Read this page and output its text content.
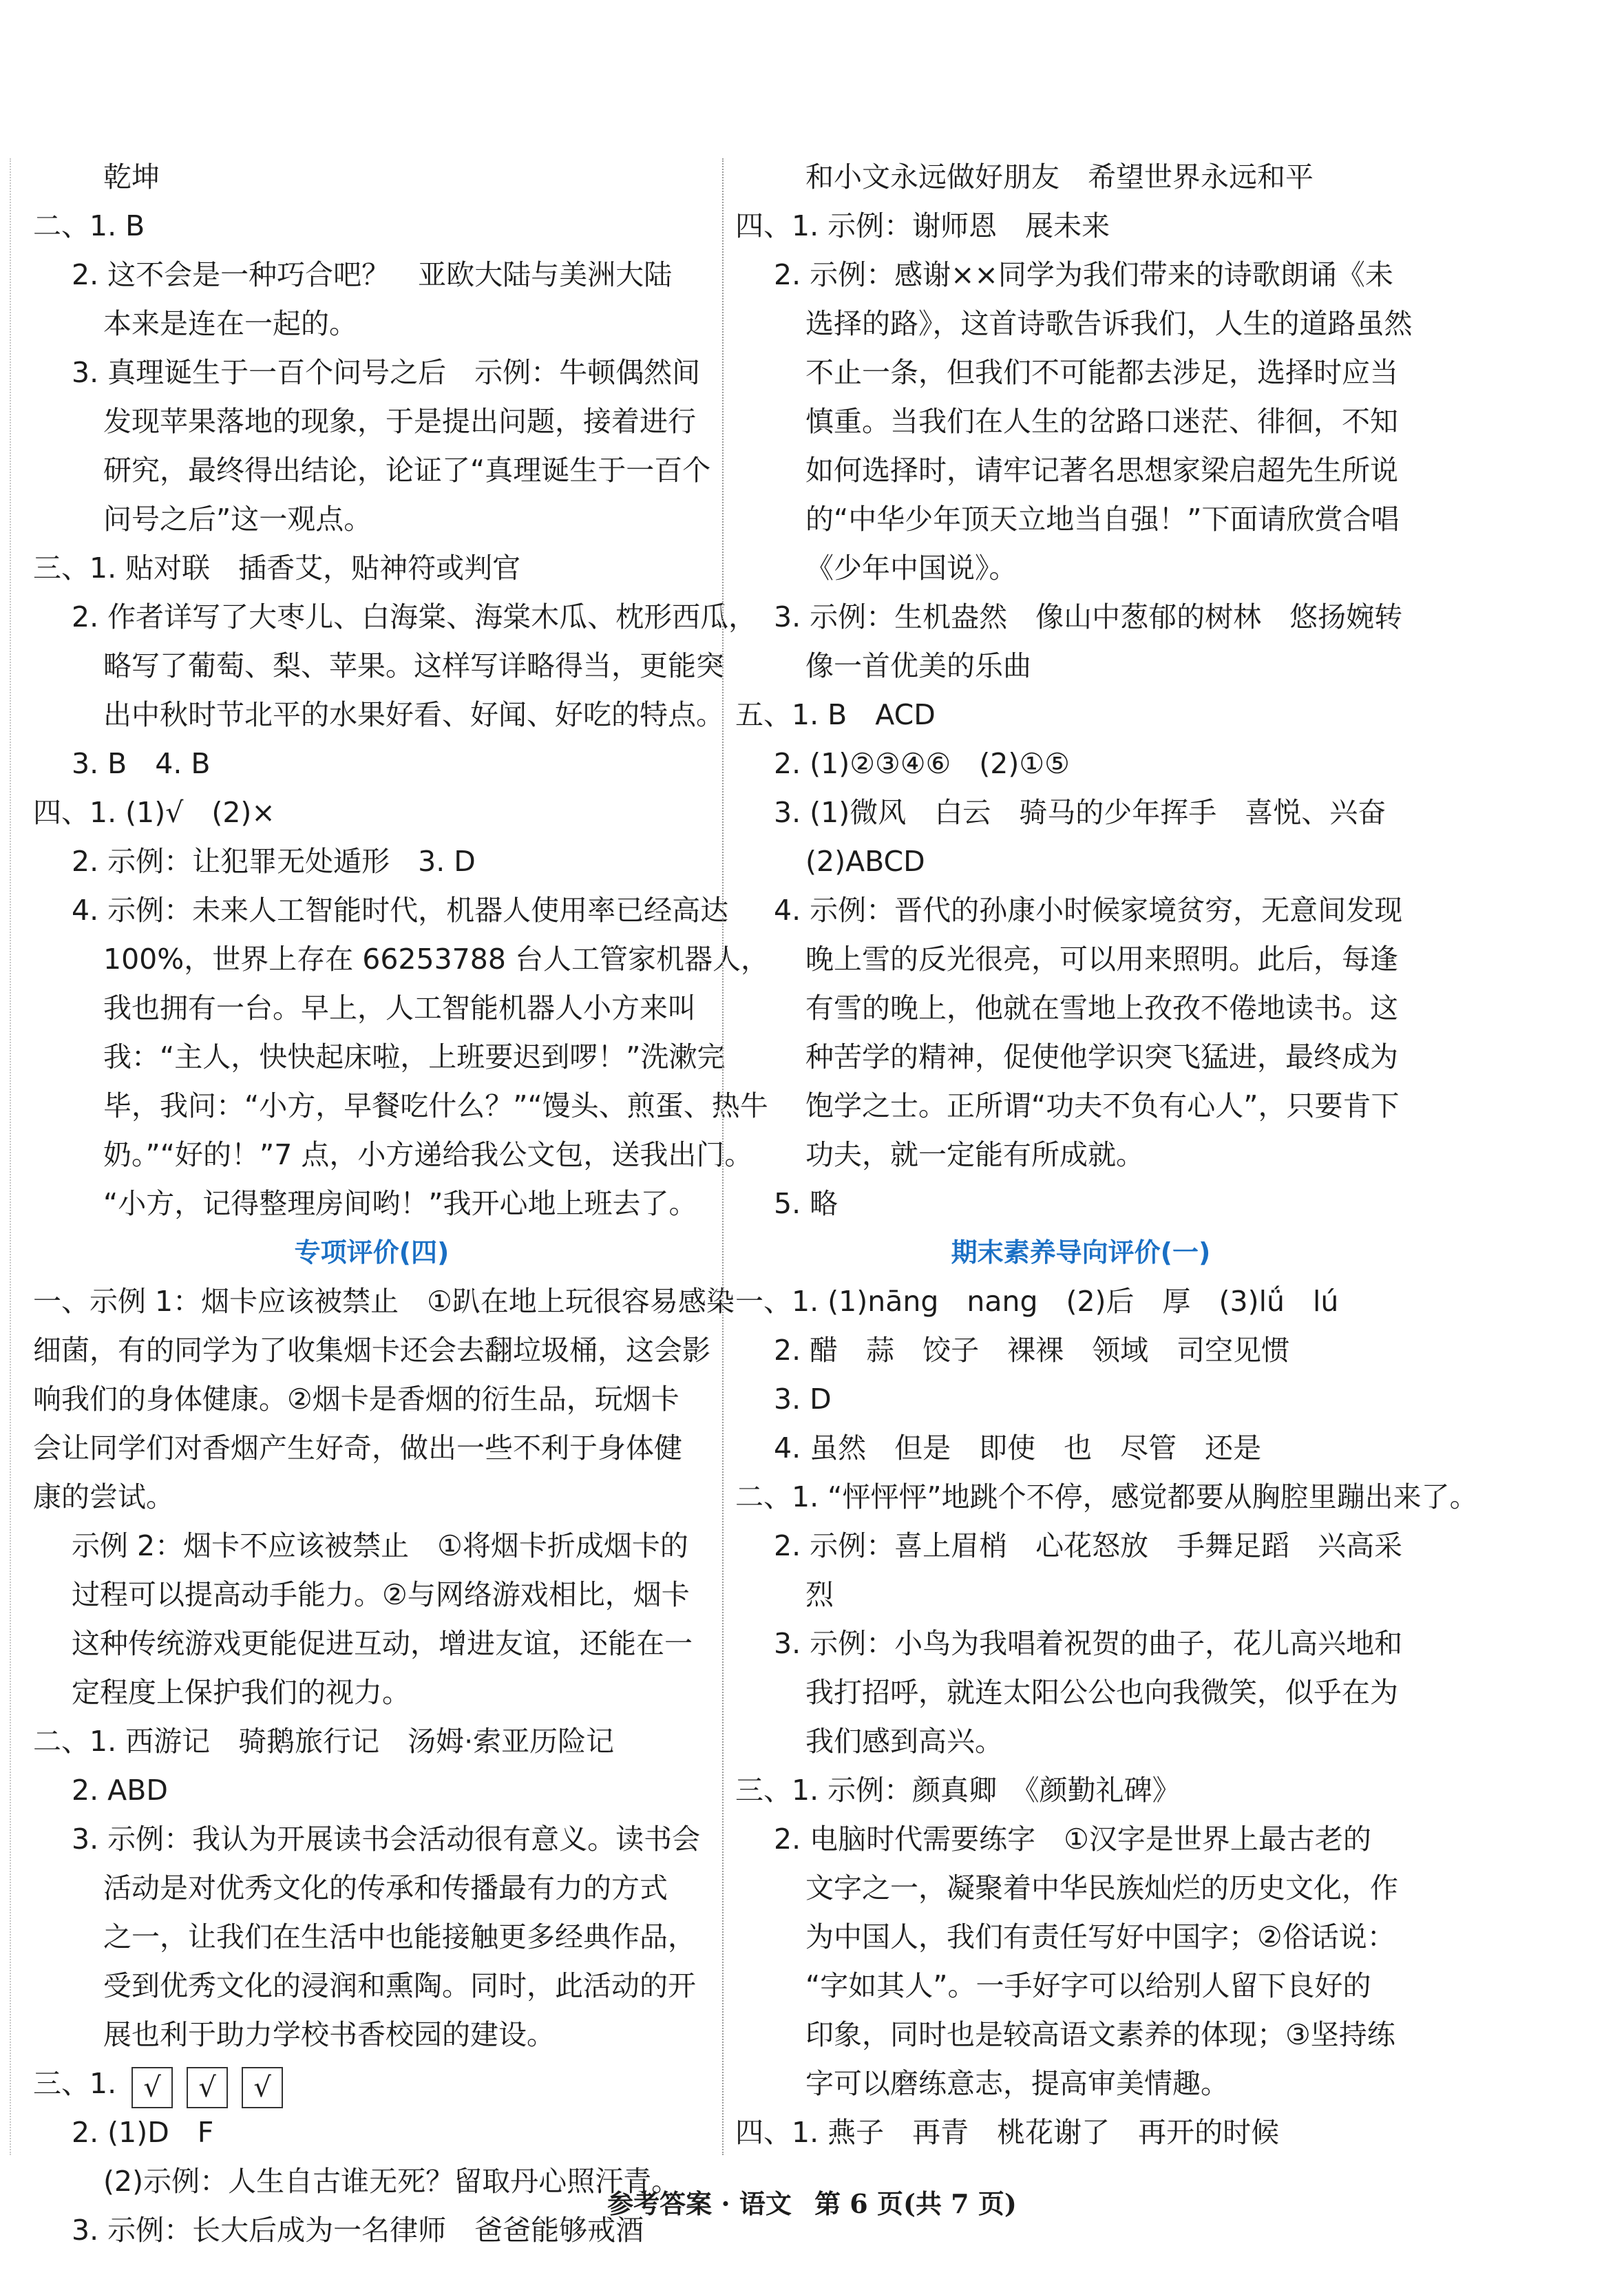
乾坤
二、1. B
2. 这不会是一种巧合吧？　亚欧大陆与美洲大陆
本来是连在一起的。
3. 真理诞生于一百个问号之后　示例：牛顿偶然间
发现苹果落地的现象，于是提出问题，接着进行
研究，最终得出结论，论证了“真理诞生于一百个
问号之后”这一观点。
三、1. 贴对联　插香艾，贴神符或判官
2. 作者详写了大枣儿、白海棠、海棠木瓜、枕形西瓜，
略写了葡萄、梨、苹果。这样写详略得当，更能突
出中秋时节北平的水果好看、好闻、好吃的特点。
3. B　4. B
四、1. (1)√　(2)×
2. 示例：让犯罪无处遁形　3. D
4. 示例：未来人工智能时代，机器人使用率已经高达
100%，世界上存在 66253788 台人工管家机器人，
我也拥有一台。早上，人工智能机器人小方来叫
我：“主人，快快起床啦，上班要迟到啰！”洗漱完
毕，我问：“小方，早餐吃什么？”“馒头、煎蛋、热牛
奶。”“好的！”7 点，小方递给我公文包，送我出门。
“小方，记得整理房间哟！”我开心地上班去了。
专项评价(四)
一、示例 1：烟卡应该被禁止　①趴在地上玩很容易感染
细菌，有的同学为了收集烟卡还会去翻垃圾桶，这会影
响我们的身体健康。②烟卡是香烟的衍生品，玩烟卡
会让同学们对香烟产生好奇，做出一些不利于身体健
康的尝试。
示例 2：烟卡不应该被禁止　①将烟卡折成烟卡的
过程可以提高动手能力。②与网络游戏相比，烟卡
这种传统游戏更能促进互动，增进友谊，还能在一
定程度上保护我们的视力。
二、1. 西游记　骑鹅旅行记　汤姆·索亚历险记
2. ABD
3. 示例：我认为开展读书会活动很有意义。读书会
活动是对优秀文化的传承和传播最有力的方式
之一，让我们在生活中也能接触更多经典作品，
受到优秀文化的浸润和熏陶。同时，此活动的开
展也利于助力学校书香校园的建设。
三、1. √ √ √
2. (1)D　F
(2)示例：人生自古谁无死？留取丹心照汗青。
3. 示例：长大后成为一名律师　爸爸能够戒酒
和小文永远做好朋友　希望世界永远和平
四、1. 示例：谢师恩　展未来
2. 示例：感谢××同学为我们带来的诗歌朗诵《未
选择的路》，这首诗歌告诉我们，人生的道路虽然
不止一条，但我们不可能都去涉足，选择时应当
慎重。当我们在人生的岔路口迷茫、徘徊，不知
如何选择时，请牢记著名思想家梁启超先生所说
的“中华少年顶天立地当自强！”下面请欣赏合唱
《少年中国说》。
3. 示例：生机盎然　像山中葱郁的树林　悠扬婉转
像一首优美的乐曲
五、1. B　ACD
2. (1)②③④⑥　(2)①⑤
3. (1)微风　白云　骑马的少年挥手　喜悦、兴奋
(2)ABCD
4. 示例：晋代的孙康小时候家境贫穷，无意间发现
晚上雪的反光很亮，可以用来照明。此后，每逢
有雪的晚上，他就在雪地上孜孜不倦地读书。这
种苦学的精神，促使他学识突飞猛进，最终成为
饱学之士。正所谓“功夫不负有心人”，只要肯下
功夫，就一定能有所成就。
5. 略
期末素养导向评价(一)
一、1. (1)nāng　nang　(2)后　厚　(3)lǘ　lú
2. 醋　蒜　饺子　裸裸　领域　司空见惯
3. D
4. 虽然　但是　即使　也　尽管　还是
二、1. “怦怦怦”地跳个不停，感觉都要从胸腔里蹦出来了。
2. 示例：喜上眉梢　心花怒放　手舞足蹈　兴高采
烈
3. 示例：小鸟为我唱着祝贺的曲子，花儿高兴地和
我打招呼，就连太阳公公也向我微笑，似乎在为
我们感到高兴。
三、1. 示例：颜真卿　《颜勤礼碑》
2. 电脑时代需要练字　①汉字是世界上最古老的
文字之一，凝聚着中华民族灿烂的历史文化，作
为中国人，我们有责任写好中国字；②俗话说：
“字如其人”。一手好字可以给别人留下良好的
印象，同时也是较高语文素养的体现；③坚持练
字可以磨练意志，提高审美情趣。
四、1. 燕子　再青　桃花谢了　再开的时候
参考答案 · 语文 第 6 页(共 7 页)
